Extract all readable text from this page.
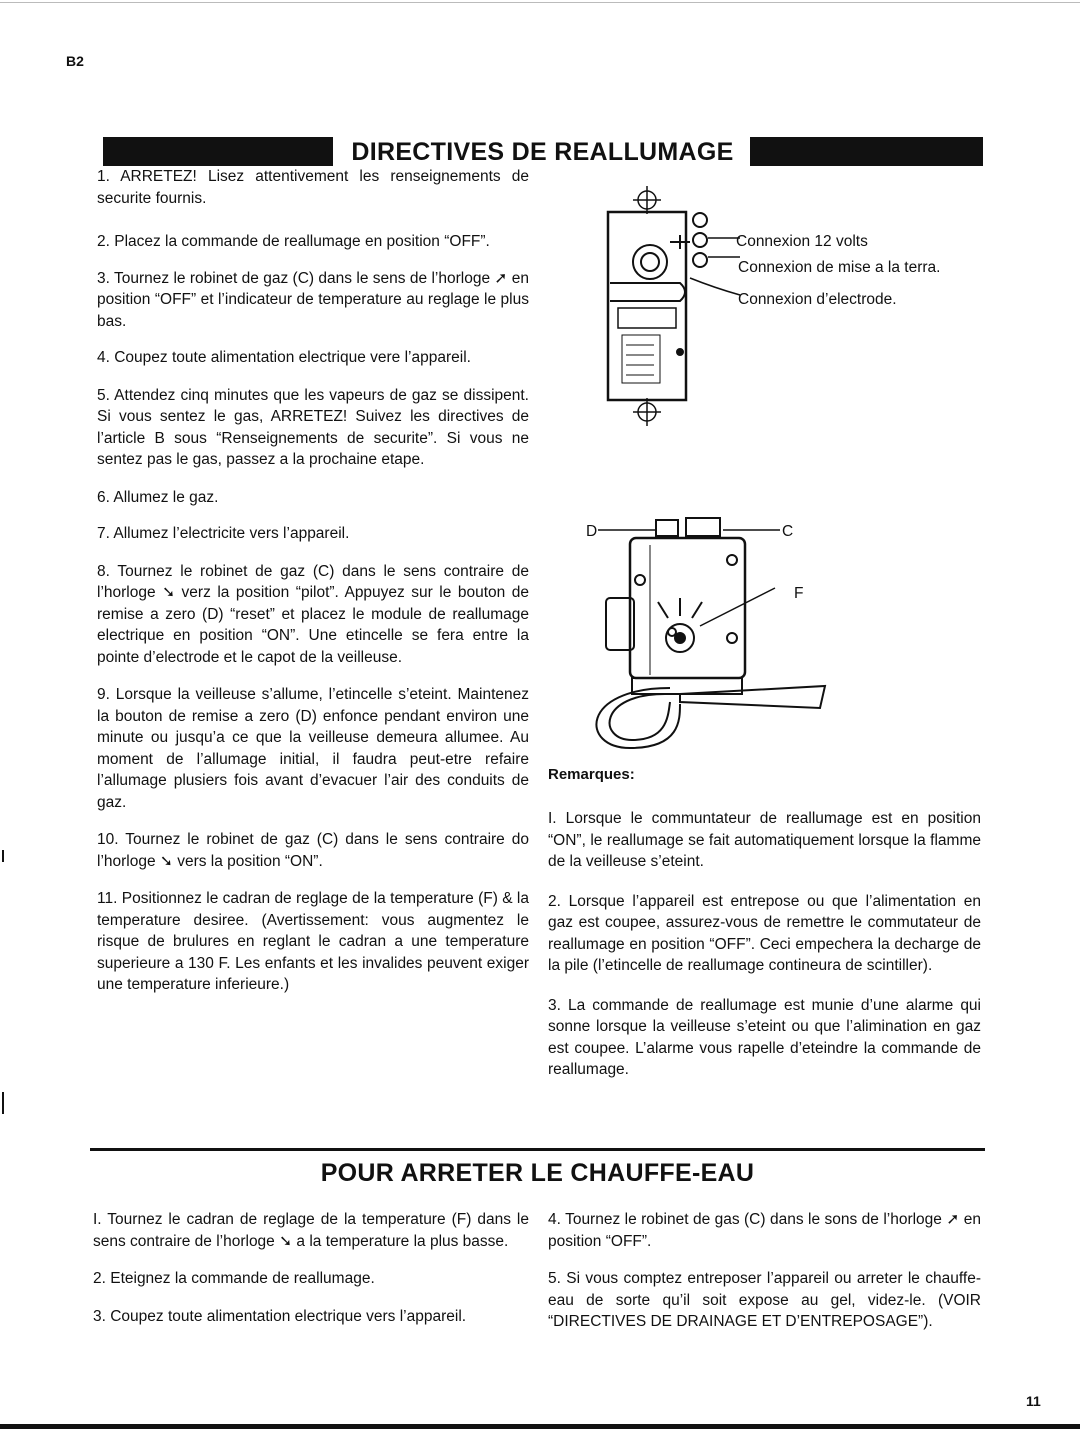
B2
DIRECTIVES DE REALLUMAGE

1. ARRETEZ! Lisez attentivement les renseignements de securite fournis.

2. Placez la commande de reallumage en position “OFF”.

3. Tournez le robinet de gaz (C) dans le sens de l’horloge ➚ en position “OFF” et l’indicateur de temperature au reglage le plus bas.

4. Coupez toute alimentation electrique vere l’appareil.

5. Attendez cinq minutes que les vapeurs de gaz se dissipent. Si vous sentez le gas, ARRETEZ! Suivez les directives de l’article B sous “Renseignements de securite”. Si vous ne sentez pas le gas, passez a la prochaine etape.

6. Allumez le gaz.

7. Allumez l’electricite vers l’appareil.

8. Tournez le robinet de gaz (C) dans le sens contraire de l’horloge ➘ verz la position “pilot”. Appuyez sur le bouton de remise a zero (D) “reset” et placez le module de reallumage electrique en position “ON”. Une etincelle se fera entre la pointe d’electrode et le capot de la veilleuse.

9. Lorsque la veilleuse s’allume, l’etincelle s’eteint. Maintenez la bouton de remise a zero (D) enfonce pendant environ une minute ou jusqu’a ce que la veilleuse demeura allumee. Au moment de l’allumage initial, il faudra peut-etre refaire l’allumage plusiers fois avant d’evacuer l’air des conduits de gaz.

10. Tournez le robinet de gaz (C) dans le sens contraire do l’horloge ➘ vers la position “ON”.

11. Positionnez le cadran de reglage de la temperature (F) & la temperature desiree. (Avertissement: vous augmentez le risque de brulures en reglant le cadran a une temperature superieure a 130 F. Les enfants et les invalides peuvent exiger une temperature inferieure.)

Connexion 12 volts
Connexion de mise a la terra.
Connexion d’electrode.
D	C
F
Remarques:

I. Lorsque le communtateur de reallumage est en position “ON”, le reallumage se fait automatiquement lorsque la flamme de la veilleuse s’eteint.

2. Lorsque l’appareil est entrepose ou que l’alimentation en gaz est coupee, assurez-vous de remettre le commutateur de reallumage en position “OFF”. Ceci empechera la decharge de la pile (l’etincelle de reallumage contineura de scintiller).

3. La commande de reallumage est munie d’une alarme qui sonne lorsque la veilleuse s’eteint ou que l’alimination en gaz est coupee. L’alarme vous rapelle d’eteindre la commande de reallumage.

POUR ARRETER LE CHAUFFE-EAU

I. Tournez le cadran de reglage de la temperature (F) dans le sens contraire de l’horloge ➘ a la temperature la plus basse.

2. Eteignez la commande de reallumage.

3. Coupez toute alimentation electrique vers l’appareil.

4. Tournez le robinet de gas (C) dans le sons de l’horloge ➚ en position “OFF”.

5. Si vous comptez entreposer l’appareil ou arreter le chauffe-eau de sorte qu’il soit expose au gel, videz-le. (VOIR “DIRECTIVES DE DRAINAGE ET D’ENTREPOSAGE”).

11
